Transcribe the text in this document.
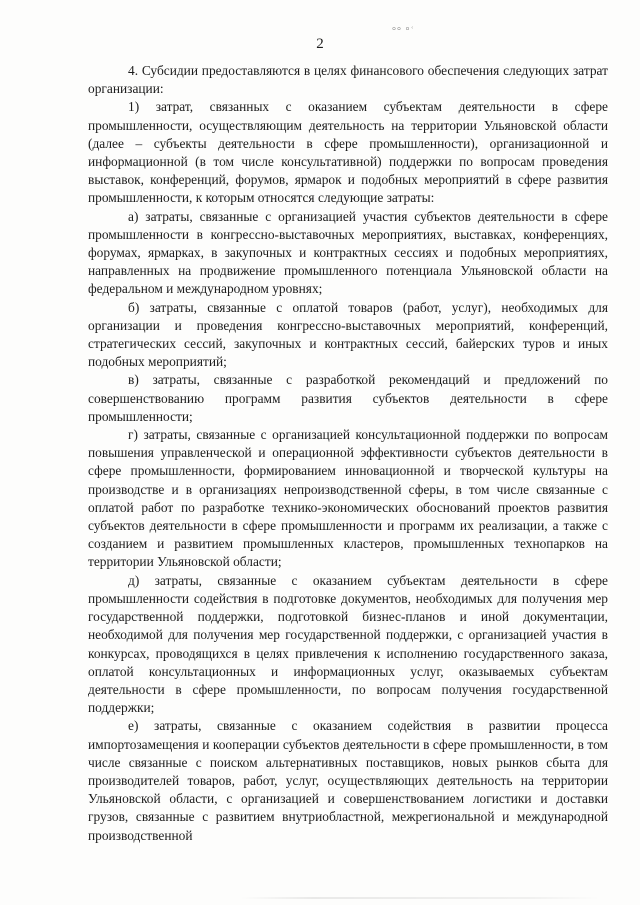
°° °ʿ
2

4. Субсидии предоставляются в целях финансового обеспечения следующих затрат организации:

1) затрат, связанных с оказанием субъектам деятельности в сфере промышленности, осуществляющим деятельность на территории Ульяновской области (далее – субъекты деятельности в сфере промышленности), организационной и информационной (в том числе консультативной) поддержки по вопросам проведения выставок, конференций, форумов, ярмарок и подобных мероприятий в сфере развития промышленности, к которым относятся следующие затраты:

а) затраты, связанные с организацией участия субъектов деятельности в сфере промышленности в конгрессно-выставочных мероприятиях, выставках, конференциях, форумах, ярмарках, в закупочных и контрактных сессиях и подобных мероприятиях, направленных на продвижение промышленного потенциала Ульяновской области на федеральном и международном уровнях;

б) затраты, связанные с оплатой товаров (работ, услуг), необходимых для организации и проведения конгрессно-выставочных мероприятий, конференций, стратегических сессий, закупочных и контрактных сессий, байерских туров и иных подобных мероприятий;

в) затраты, связанные с разработкой рекомендаций и предложений по совершенствованию программ развития субъектов деятельности в сфере промышленности;

г) затраты, связанные с организацией консультационной поддержки по вопросам повышения управленческой и операционной эффективности субъектов деятельности в сфере промышленности, формированием инновационной и творческой культуры на производстве и в организациях непроизводственной сферы, в том числе связанные с оплатой работ по разработке технико-экономических обоснований проектов развития субъектов деятельности в сфере промышленности и программ их реализации, а также с созданием и развитием промышленных кластеров, промышленных технопарков на территории Ульяновской области;

д) затраты, связанные с оказанием субъектам деятельности в сфере промышленности содействия в подготовке документов, необходимых для получения мер государственной поддержки, подготовкой бизнес-планов и иной документации, необходимой для получения мер государственной поддержки, с организацией участия в конкурсах, проводящихся в целях привлечения к исполнению государственного заказа, оплатой консультационных и информационных услуг, оказываемых субъектам деятельности в сфере промышленности, по вопросам получения государственной поддержки;

е) затраты, связанные с оказанием содействия в развитии процесса импортозамещения и кооперации субъектов деятельности в сфере промышленности, в том числе связанные с поиском альтернативных поставщиков, новых рынков сбыта для производителей товаров, работ, услуг, осуществляющих деятельность на территории Ульяновской области, с организацией и совершенствованием логистики и доставки грузов, связанные с развитием внутриобластной, межрегиональной и международной производственной
